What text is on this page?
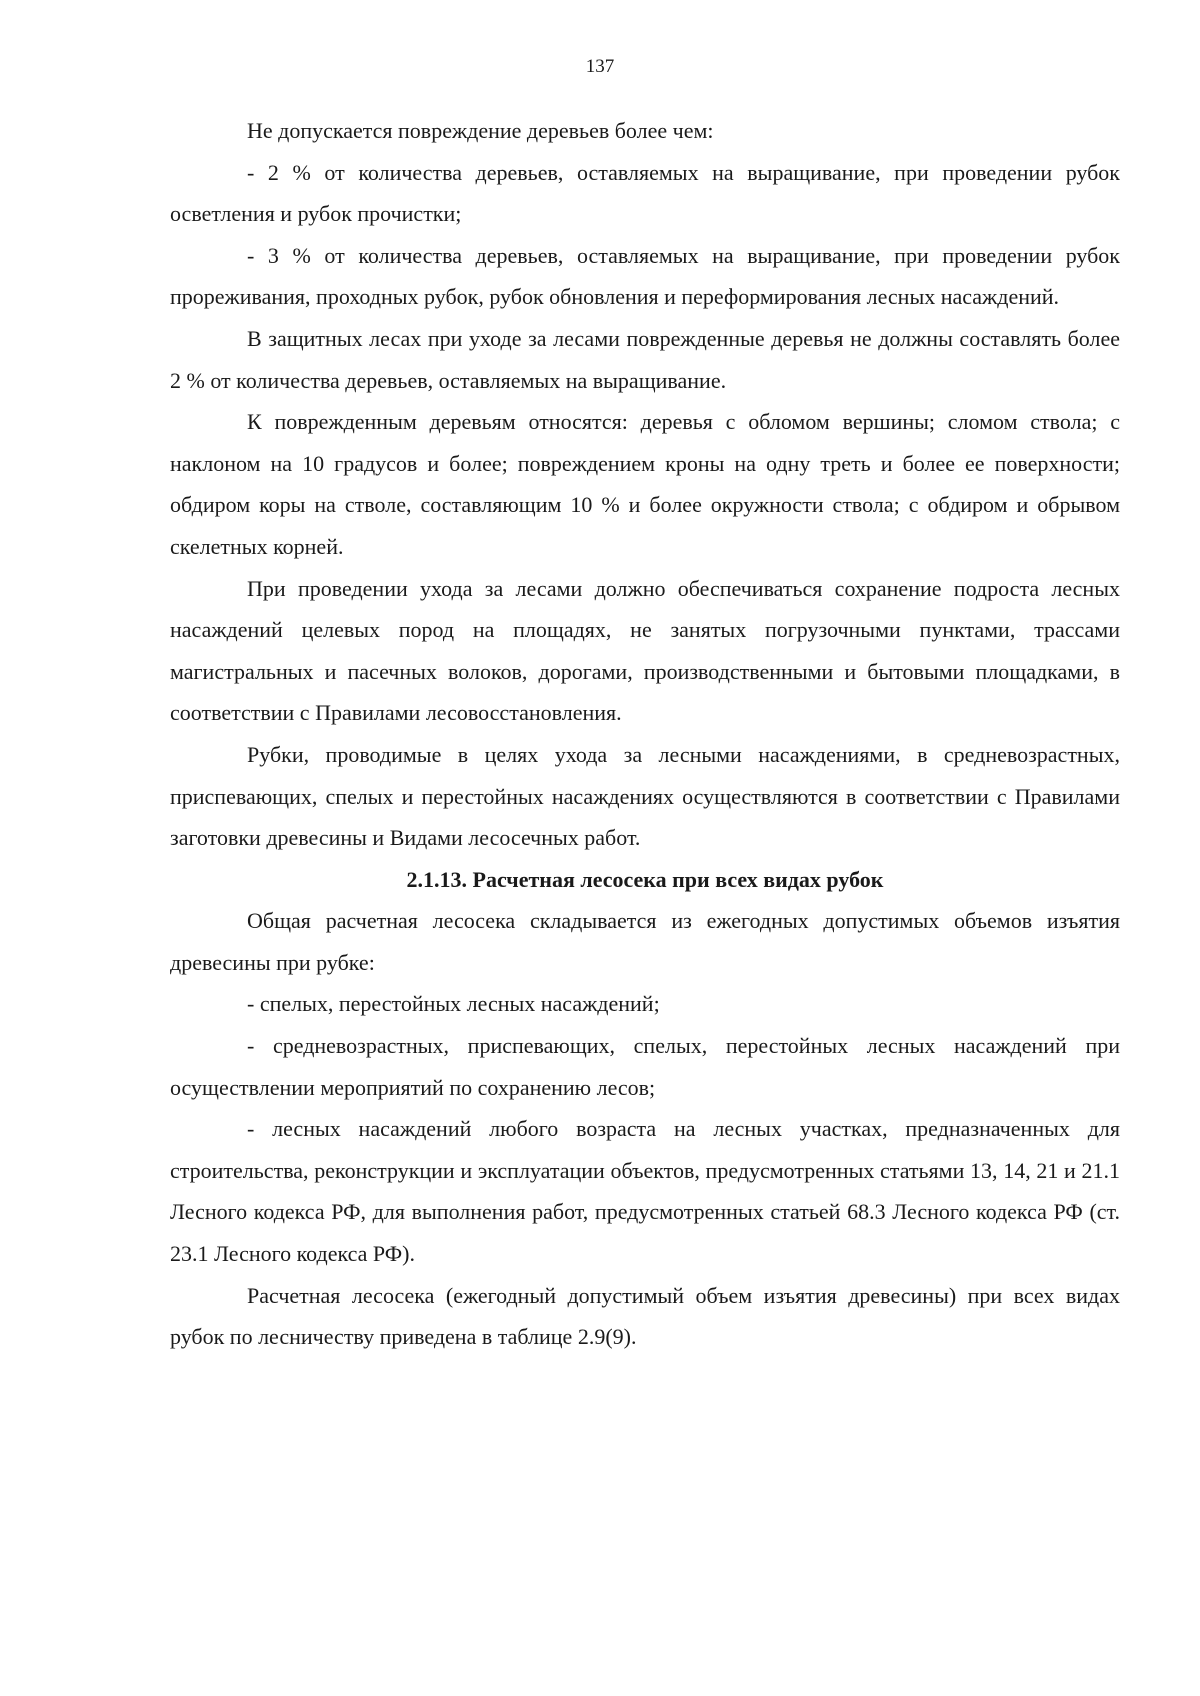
137

Не допускается повреждение деревьев более чем:

- 2 % от количества деревьев, оставляемых на выращивание, при проведении рубок осветления и рубок прочистки;

- 3 % от количества деревьев, оставляемых на выращивание, при проведении рубок прореживания, проходных рубок, рубок обновления и переформирования лесных насаждений.

В защитных лесах при уходе за лесами поврежденные деревья не должны составлять более 2 % от количества деревьев, оставляемых на выращивание.

К поврежденным деревьям относятся: деревья с обломом вершины; сломом ствола; с наклоном на 10 градусов и более; повреждением кроны на одну треть и более ее поверхности; обдиром коры на стволе, составляющим 10 % и более окружности ствола; с обдиром и обрывом скелетных корней.

При проведении ухода за лесами должно обеспечиваться сохранение подроста лесных насаждений целевых пород на площадях, не занятых погрузочными пунктами, трассами магистральных и пасечных волоков, дорогами, производственными и бытовыми площадками, в соответствии с Правилами лесовосстановления.

Рубки, проводимые в целях ухода за лесными насаждениями, в средневозрастных, приспевающих, спелых и перестойных насаждениях осуществляются в соответствии с Правилами заготовки древесины и Видами лесосечных работ.

2.1.13. Расчетная лесосека при всех видах рубок

Общая расчетная лесосека складывается из ежегодных допустимых объемов изъятия древесины при рубке:

- спелых, перестойных лесных насаждений;

- средневозрастных, приспевающих, спелых, перестойных лесных насаждений при осуществлении мероприятий по сохранению лесов;

- лесных насаждений любого возраста на лесных участках, предназначенных для строительства, реконструкции и эксплуатации объектов, предусмотренных статьями 13, 14, 21 и 21.1 Лесного кодекса РФ, для выполнения работ, предусмотренных статьей 68.3 Лесного кодекса РФ (ст. 23.1 Лесного кодекса РФ).

Расчетная лесосека (ежегодный допустимый объем изъятия древесины) при всех видах рубок по лесничеству приведена в таблице 2.9(9).
